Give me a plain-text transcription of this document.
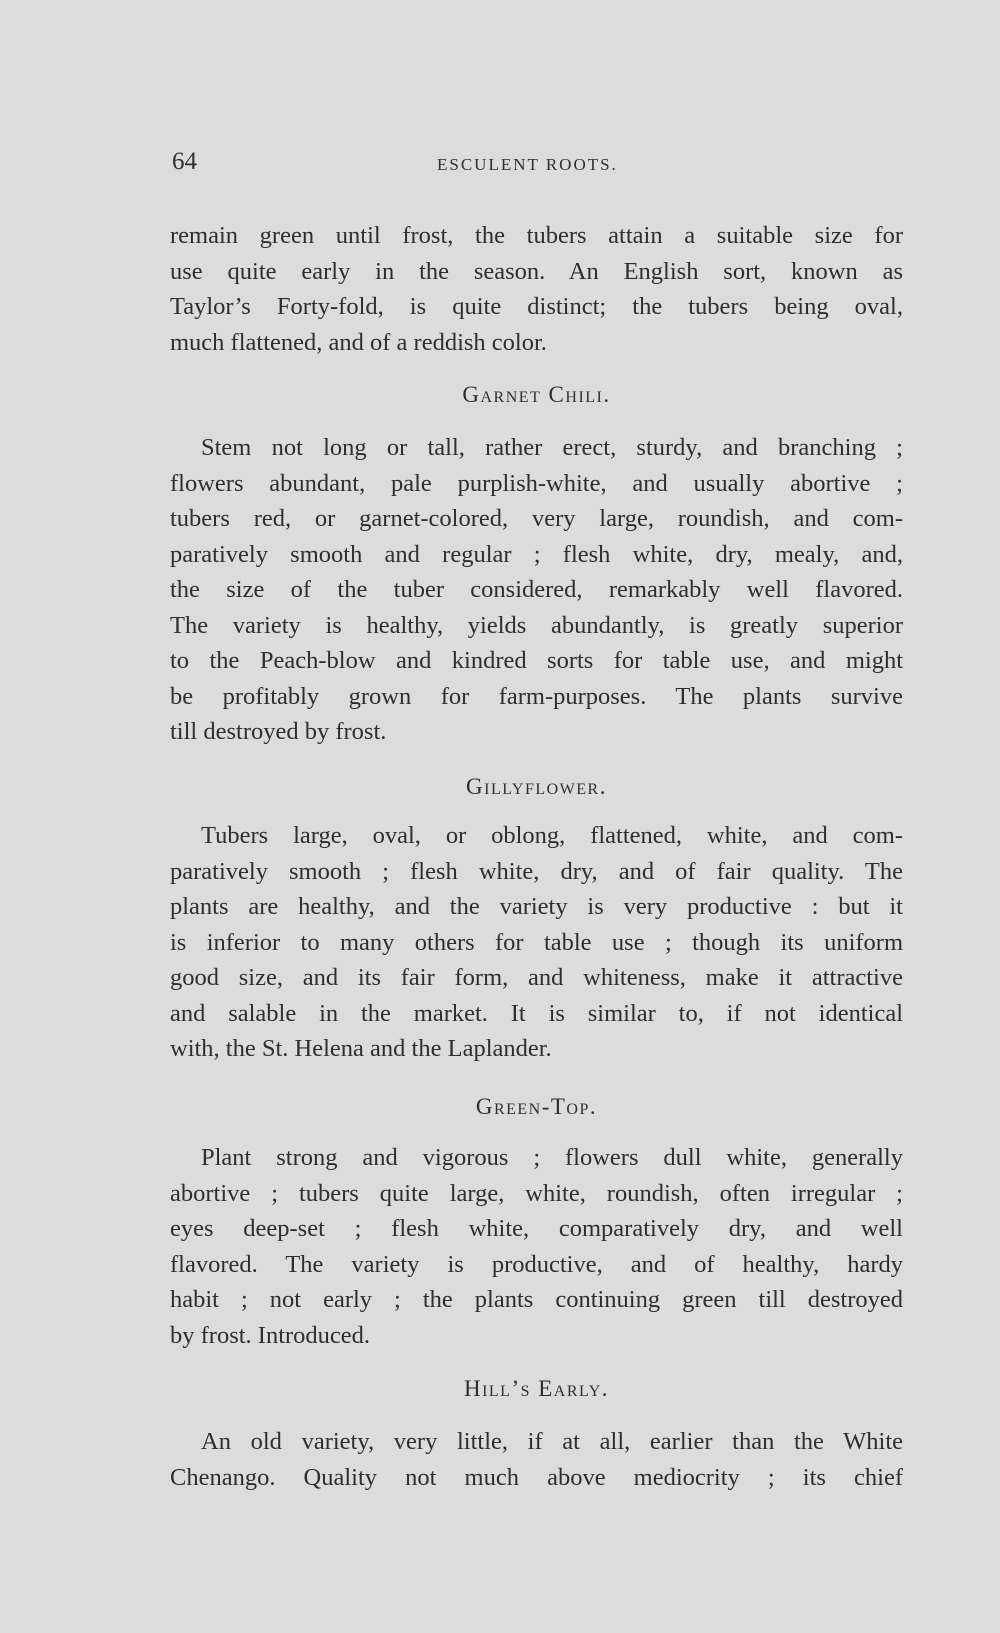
64	ESCULENT ROOTS.
remain green until frost, the tubers attain a suitable size for
use quite early in the season. An English sort, known as
Taylor’s Forty-fold, is quite distinct; the tubers being oval,
much flattened, and of a reddish color.
Garnet Chili.
Stem not long or tall, rather erect, sturdy, and branching ;
flowers abundant, pale purplish-white, and usually abortive ;
tubers red, or garnet-colored, very large, roundish, and com-
paratively smooth and regular ; flesh white, dry, mealy, and,
the size of the tuber considered, remarkably well flavored.
The variety is healthy, yields abundantly, is greatly superior
to the Peach-blow and kindred sorts for table use, and might
be profitably grown for farm-purposes. The plants survive
till destroyed by frost.
Gillyflower.
Tubers large, oval, or oblong, flattened, white, and com-
paratively smooth ; flesh white, dry, and of fair quality. The
plants are healthy, and the variety is very productive : but it
is inferior to many others for table use ; though its uniform
good size, and its fair form, and whiteness, make it attractive
and salable in the market. It is similar to, if not identical
with, the St. Helena and the Laplander.
Green-Top.
Plant strong and vigorous ; flowers dull white, generally
abortive ; tubers quite large, white, roundish, often irregular ;
eyes deep-set ; flesh white, comparatively dry, and well
flavored. The variety is productive, and of healthy, hardy
habit ; not early ; the plants continuing green till destroyed
by frost. Introduced.
Hill’s Early.
An old variety, very little, if at all, earlier than the White
Chenango. Quality not much above mediocrity ; its chief
